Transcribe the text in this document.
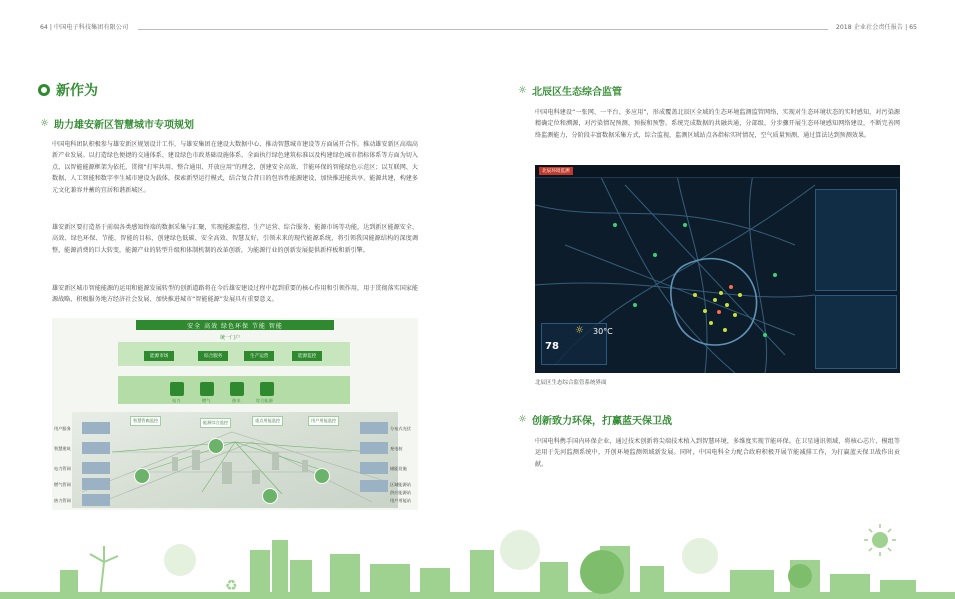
64 | 中国电子科技集团有限公司	2018 企业社会责任报告 | 65
新作为
☼ 助力雄安新区智慧城市专项规划
中国电科团队积极参与雄安新区规划设计工作，与雄安集团在建设大数据中心、推动智慧城市建设等方面展开合作，推动雄安新区高端高新产业发展。以打造绿色便捷的交通体系、建设绿色市政基础设施体系、全面执行绿色建筑标准以及构建绿色城市指标体系等方面为切入点，以智能能源框架为依托，贯彻“打牢共用、整合通用、开放应用”的理念，创建安全高效、节能环保的智能绿色示范区；以互联网、大数据、人工智能和数字孪生城市建设为载体，探索新型运行模式，结合复合昔日的包容性能源建设，加快推进能共享、能源共建，构建多元文化兼容并蓄的宜居和谐新城区。
雄安新区要打造基于前端各类感知终端的数据采集与汇聚，实现能源监控、生产运营、综合服务、能源市场等功能，达到新区能源安全、高效、绿色环保、节能、智能的目标，创建绿色低碳、安全高效、智慧友好，引领未来的现代能源系统，将引领我国能源结构的深度调整，能源消费的巨大转变，能源产业的转型升级和体制机制的改革创新，为能源行业的创新发展提供新样板和新引擎。
雄安新区城市智能能源的运用和能源发展转型的创新道路将在今后雄安建设过程中起到重要的核心作用和引领作用，用于贯彻落实国家能源战略、积极服务地方经济社会发展、加快推进城市“智能能源”发展具有重要意义。
安全 高效 绿色环保 节能 智能
统一门户
能源市场	综合服务	生产运营	能源监控
电力	燃气	热水	综合能源
智慧管廊监控	能源综合监控	重点用能监控	用户用能监控
用户服务
智慧建筑
电力管网
燃气管网
热力管网
分布式光伏
充电桩
储能设施
区域能源站
供应能源站
用户用能站
☼ 北辰区生态综合监管
中国电科建设“一张网、一平台、多应用”，形成覆盖北辰区全域的生态环境监测监管网络，实现对生态环境状态的实时感知，对污染源精确定位和溯源，对污染情况预测、预报和预警。系统完成数据的共融共通，分部级、分步骤开展生态环境感知网络建设，不断完善网络监测能力，分阶段丰富数据采集方式，综合监视，监测区域站点各指标实时情况，空气质量预测，通过算法达到预测效果。
北辰环境监测
30°C
78
☼
北辰区生态综合监管系统界面
☼ 创新致力环保，打赢蓝天保卫战
中国电科携手国内环保企业，通过技术创新将尖端技术植入到智慧环境，多维度实现节能环保。在卫星通讯领域，将核心芯片、模组等运用于先河监测系统中，开创环境监测领域新发展。同时，中国电科全力配合政府积极开展节能减排工作，为打赢蓝天保卫战作出贡献。
♻
